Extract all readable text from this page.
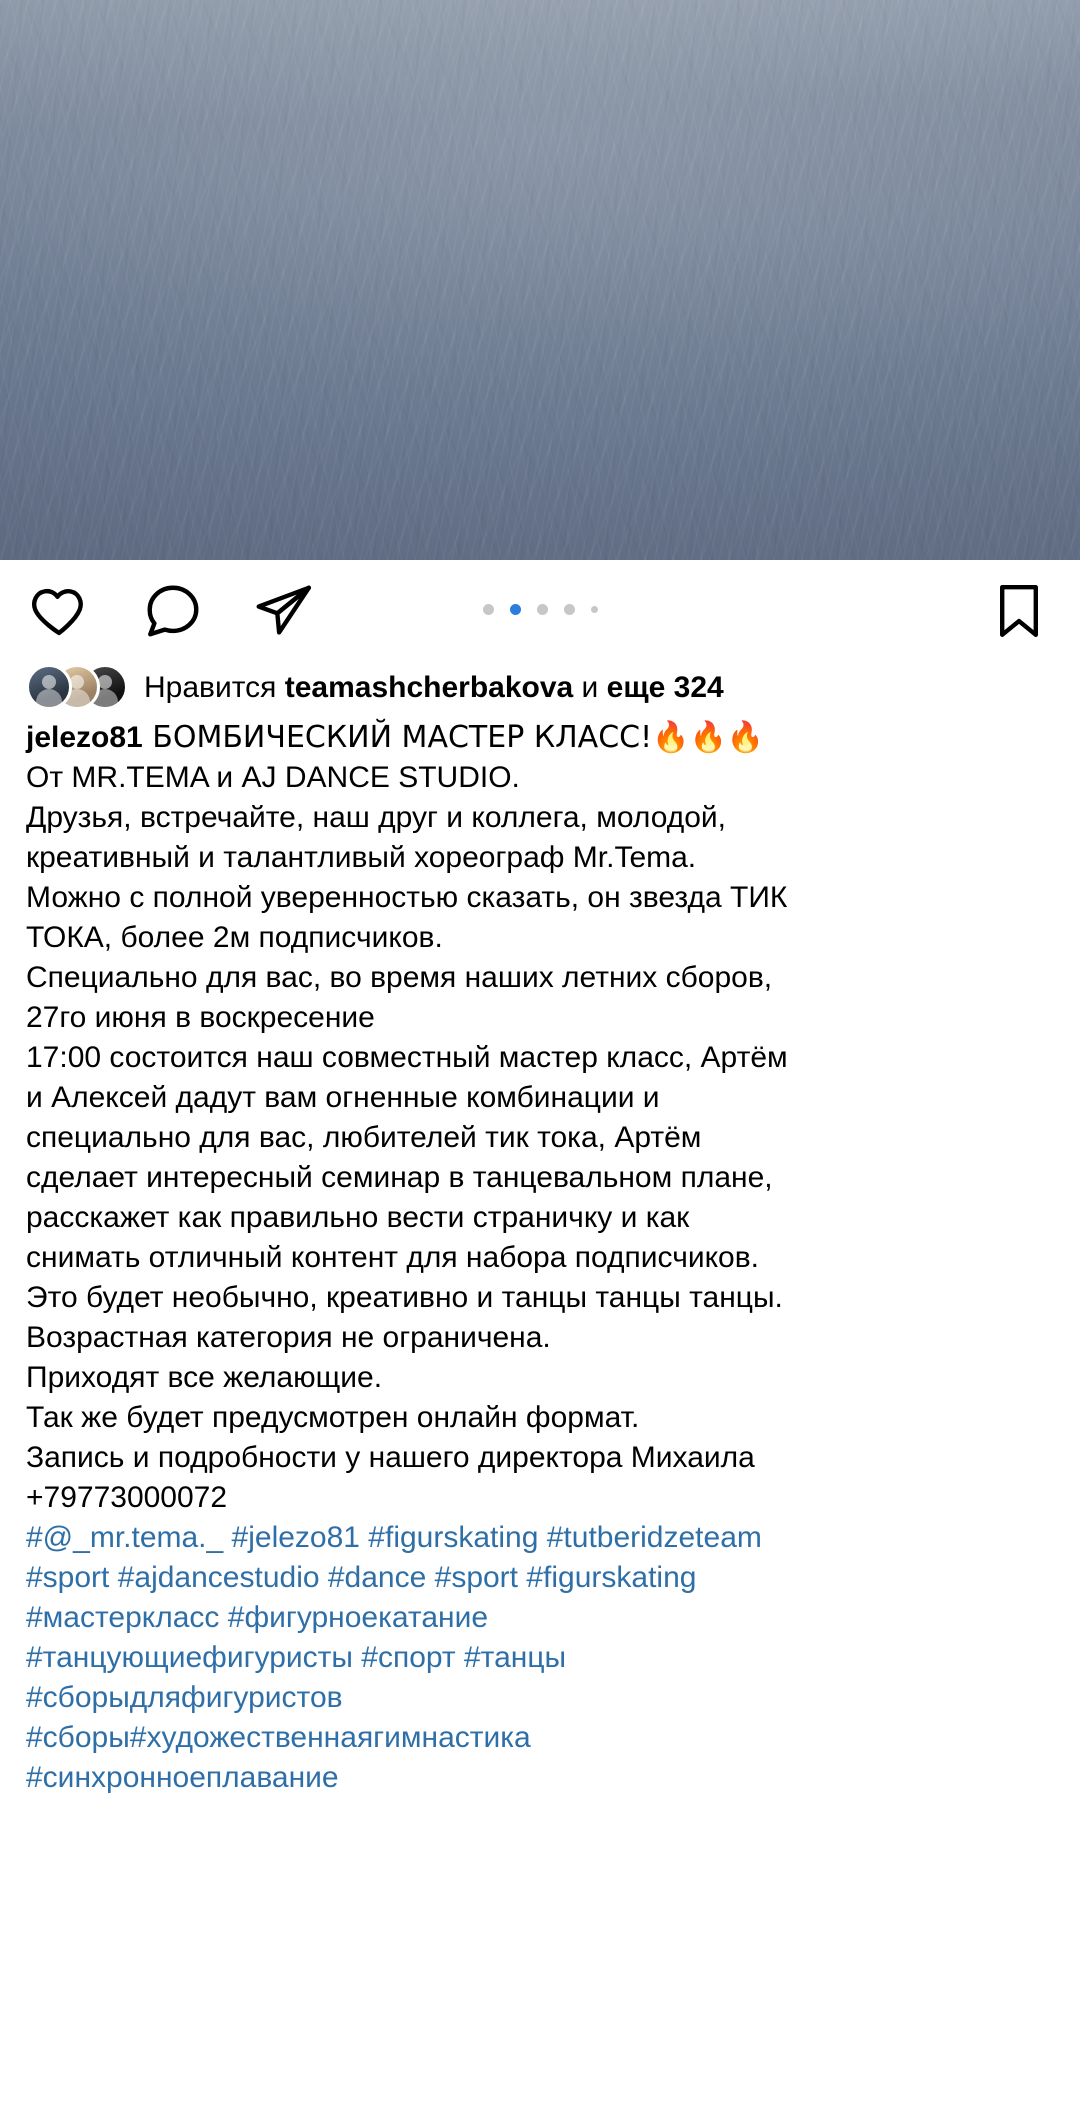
Нравится teamashcherbakova и еще 324
jelezo81 БОМБИЧЕСКИЙ МАСТЕР КЛАСС!🔥🔥🔥
От MR.TEMA и AJ DANCE STUDIO.
Друзья, встречайте, наш друг и коллега, молодой,
креативный и талантливый хореограф Mr.Tema.
Можно с полной уверенностью сказать, он звезда ТИК
ТОКА, более 2м подписчиков.
Специально для вас, во время наших летних сборов,
27го июня в воскресение
17:00 состоится наш совместный мастер класс, Артём
и Алексей дадут вам огненные комбинации и
специально для вас, любителей тик тока, Артём
сделает интересный семинар в танцевальном плане,
расскажет как правильно вести страничку и как
снимать отличный контент для набора подписчиков.
Это будет необычно, креативно и танцы танцы танцы.
Возрастная категория не ограничена.
Приходят все желающие.
Так же будет предусмотрен онлайн формат.
Запись и подробности у нашего директора Михаила
+79773000072
#@_mr.tema._ #jelezo81 #figurskating #tutberidzeteam
#sport #ajdancestudio #dance #sport #figurskating
#мастеркласс #фигурноекатание
#танцующиефигуристы #спорт #танцы
#сборыдляфигуристов
#сборы#художественнаягимнастика
#синхронноеплавание
